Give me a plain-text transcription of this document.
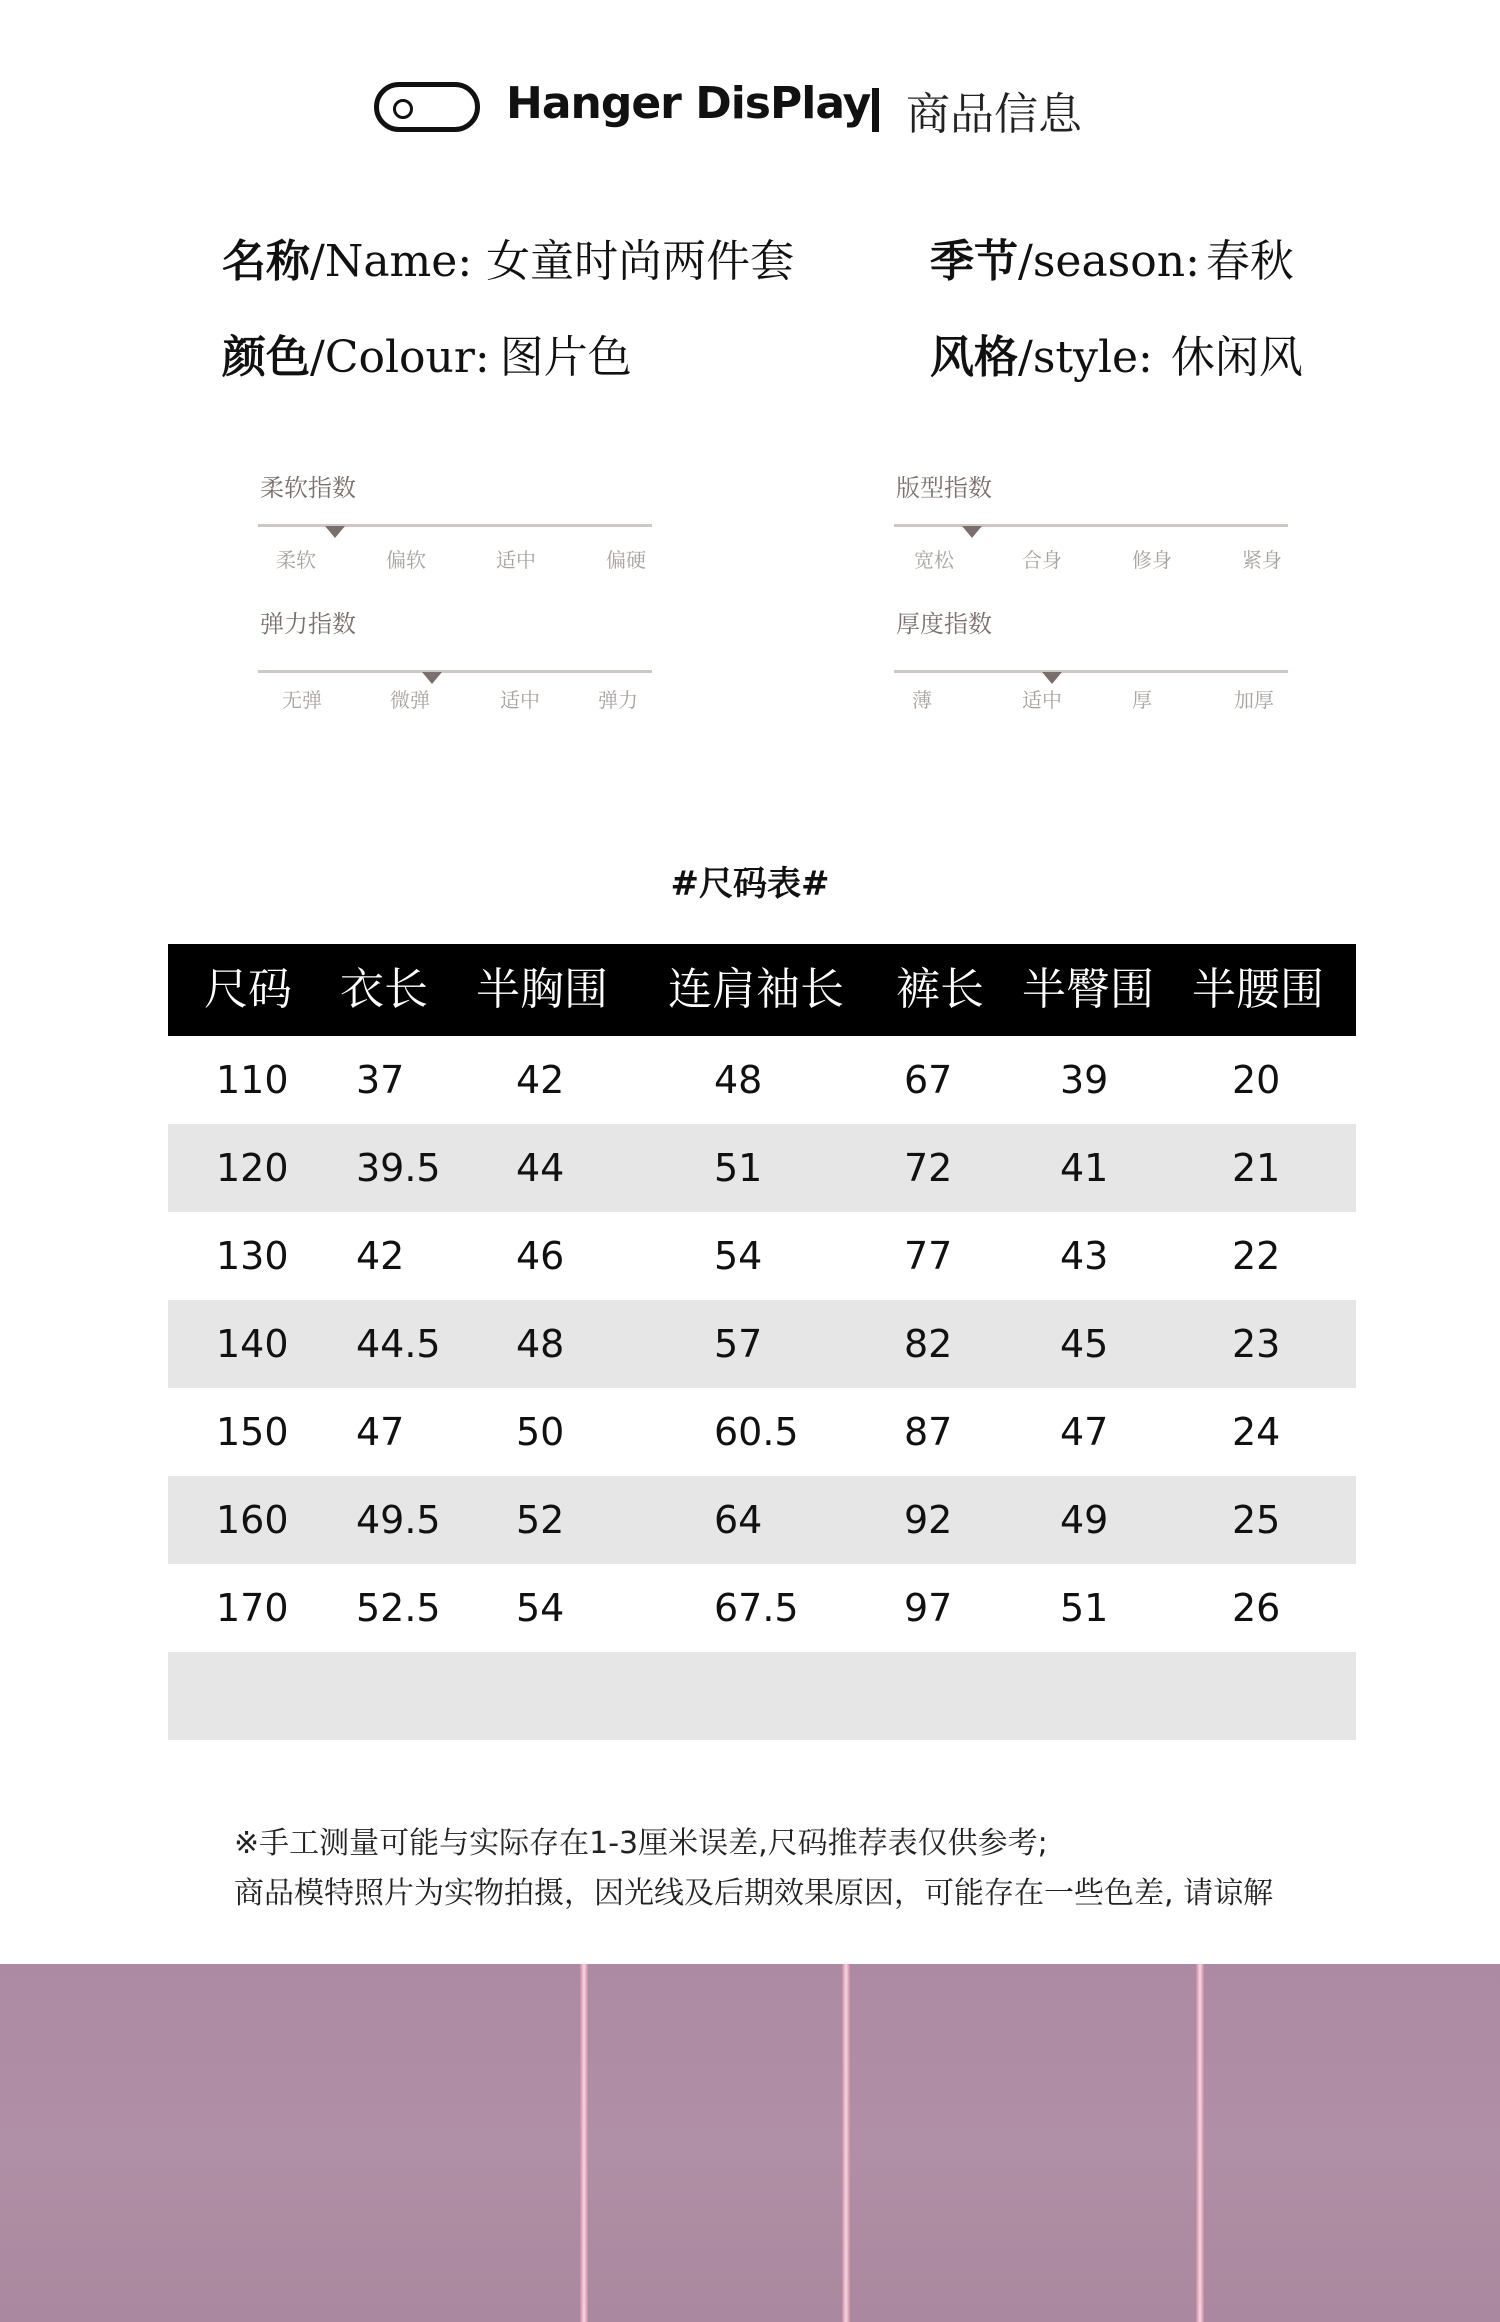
Hanger DisPlay 商品信息
名称/Name: 女童时尚两件套	季节/season: 春秋
颜色/Colour: 图片色	风格/style: 休闲风
柔软指数
柔软	偏软	适中	偏硬
版型指数
宽松	合身	修身	紧身
弹力指数
无弹	微弹	适中	弹力
厚度指数
薄	适中	厚	加厚
#尺码表#
尺码 衣长 半胸围 连肩袖长 裤长 半臀围 半腰围
110 37	42	48	67	39	20
120 39.5 44	51	72	41	21
130 42	46	54	77	43	22
140 44.5 48	57	82	45	23
150 47	50	60.5	87	47	24
160 49.5 52	64	92	49	25
170 52.5 54	67.5	97	51	26
※手工测量可能与实际存在1-3厘米误差,尺码推荐表仅供参考;
商品模特照片为实物拍摄，因光线及后期效果原因，可能存在一些色差, 请谅解
